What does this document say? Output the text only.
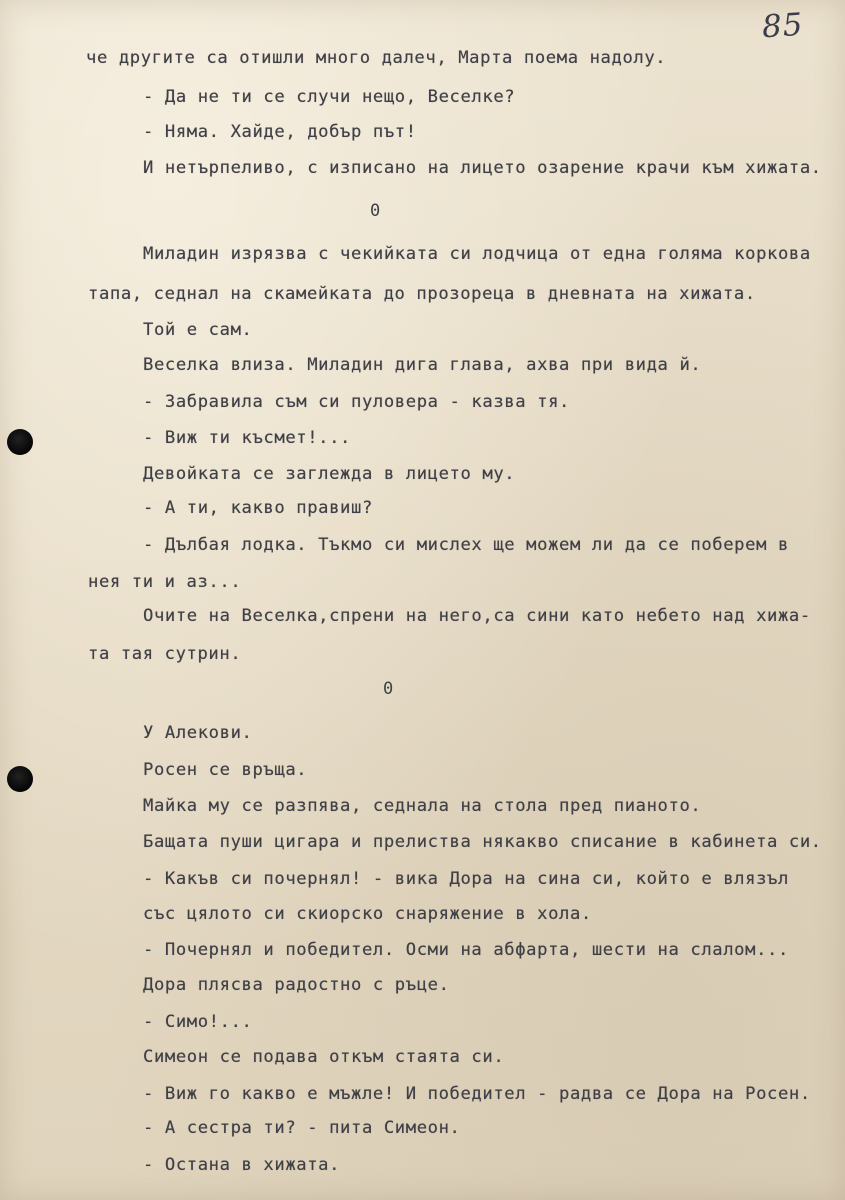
85
че другите са отишли много далеч, Марта поема надолу.
- Да не ти се случи нещо, Веселке?
- Няма. Хайде, добър път!
И нетърпеливо, с изписано на лицето озарение крачи към хижата.
0
Миладин изрязва с чекийката си лодчица от една голяма коркова
тапа, седнал на скамейката до прозореца в дневната на хижата.
Той е сам.
Веселка влиза. Миладин дига глава, ахва при вида й.
- Забравила съм си пуловера - казва тя.
- Виж ти късмет!...
Девойката се заглежда в лицето му.
- А ти, какво правиш?
- Дълбая лодка. Тъкмо си мислех ще можем ли да се поберем в
нея ти и аз...
Очите на Веселка,спрени на него,са сини като небето над хижа-
та тая сутрин.
0
У Алекови.
Росен се връща.
Майка му се разпява, седнала на стола пред пианото.
Бащата пуши цигара и прелиства някакво списание в кабинета си.
- Какъв си почернял! - вика Дора на сина си, който е влязъл
със цялото си скиорско снаряжение в хола.
- Почернял и победител. Осми на абфарта, шести на слалом...
Дора плясва радостно с ръце.
- Симо!...
Симеон се подава откъм стаята си.
- Виж го какво е мъжле! И победител - радва се Дора на Росен.
- А сестра ти? - пита Симеон.
- Остана в хижата.
